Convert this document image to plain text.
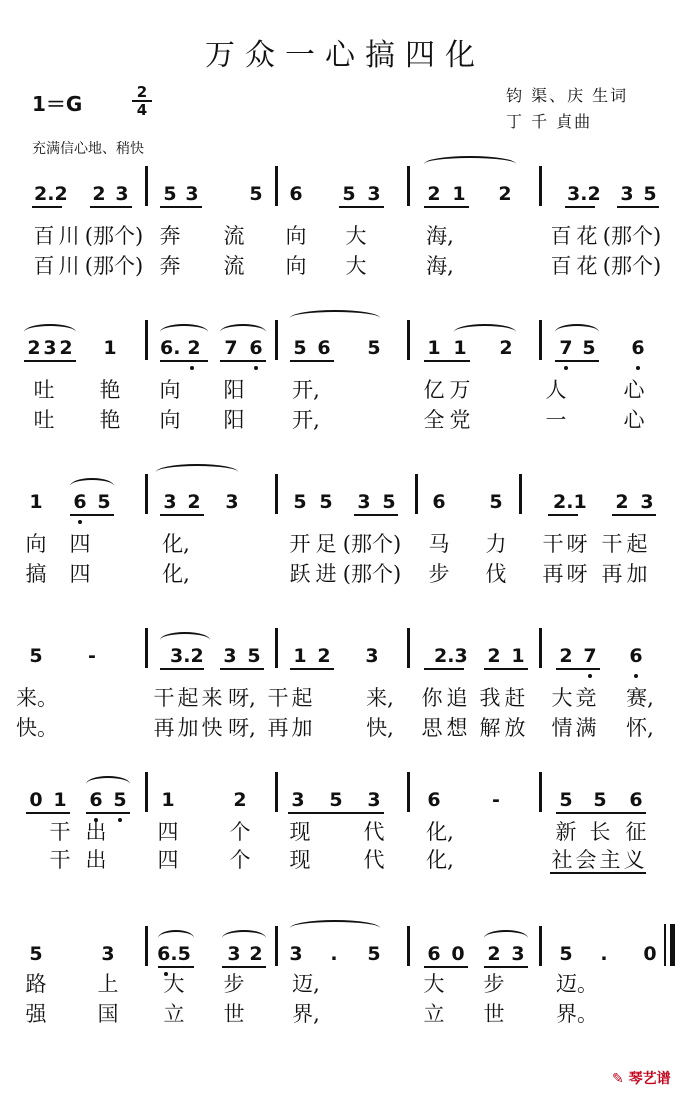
万众一心搞四化
1＝G	2
4
钧 渠、庆 生词
丁 千 貞曲
充满信心地、稍快
2.2 2 3 5 3	5 6 5 3 2 1 2	3.2 3 5
百 川 (那个) 奔 流 向 大	海,	百 花 (那个)
百 川 (那个) 奔 流 向 大	海,	百 花 (那个)
2 3 2 1 6. 2 7 6 5 6 5 1 1 2 7 5 6
吐 艳 向 阳 开,	亿 万	人	心
吐 艳 向 阳 开,	全 党	一	心
1 6 5	3 2 3	5 5 3 5 6 5	2.1 2 3
向 四	化,	开 足 (那个) 马 力 干 呀 干 起
搞 四	化,	跃 进 (那个) 步 伐 再 呀 再 加
5	-	3.2 3 5 1 2 3	2.3 2 1 2 7 6
来。	干 起 来 呀, 干 起	来, 你 追 我 赶 大 竞 赛,
快。	再 加 快 呀, 再 加	快, 思 想 解 放 情 满 怀,
0 1 6 5 1	2 3 5 3 6	-	5 5 6
干 出 四 个 现	代 化,	新 长 征
干 出 四 个 现	代 化,	社 会 主 义
5	3 6.5 3 2 3	.	5 6 0 2 3 5	.	0
路 上 大 步 迈,	大 步 迈。
强 国 立 世 界,	立 世 界。
✎ 琴艺谱
